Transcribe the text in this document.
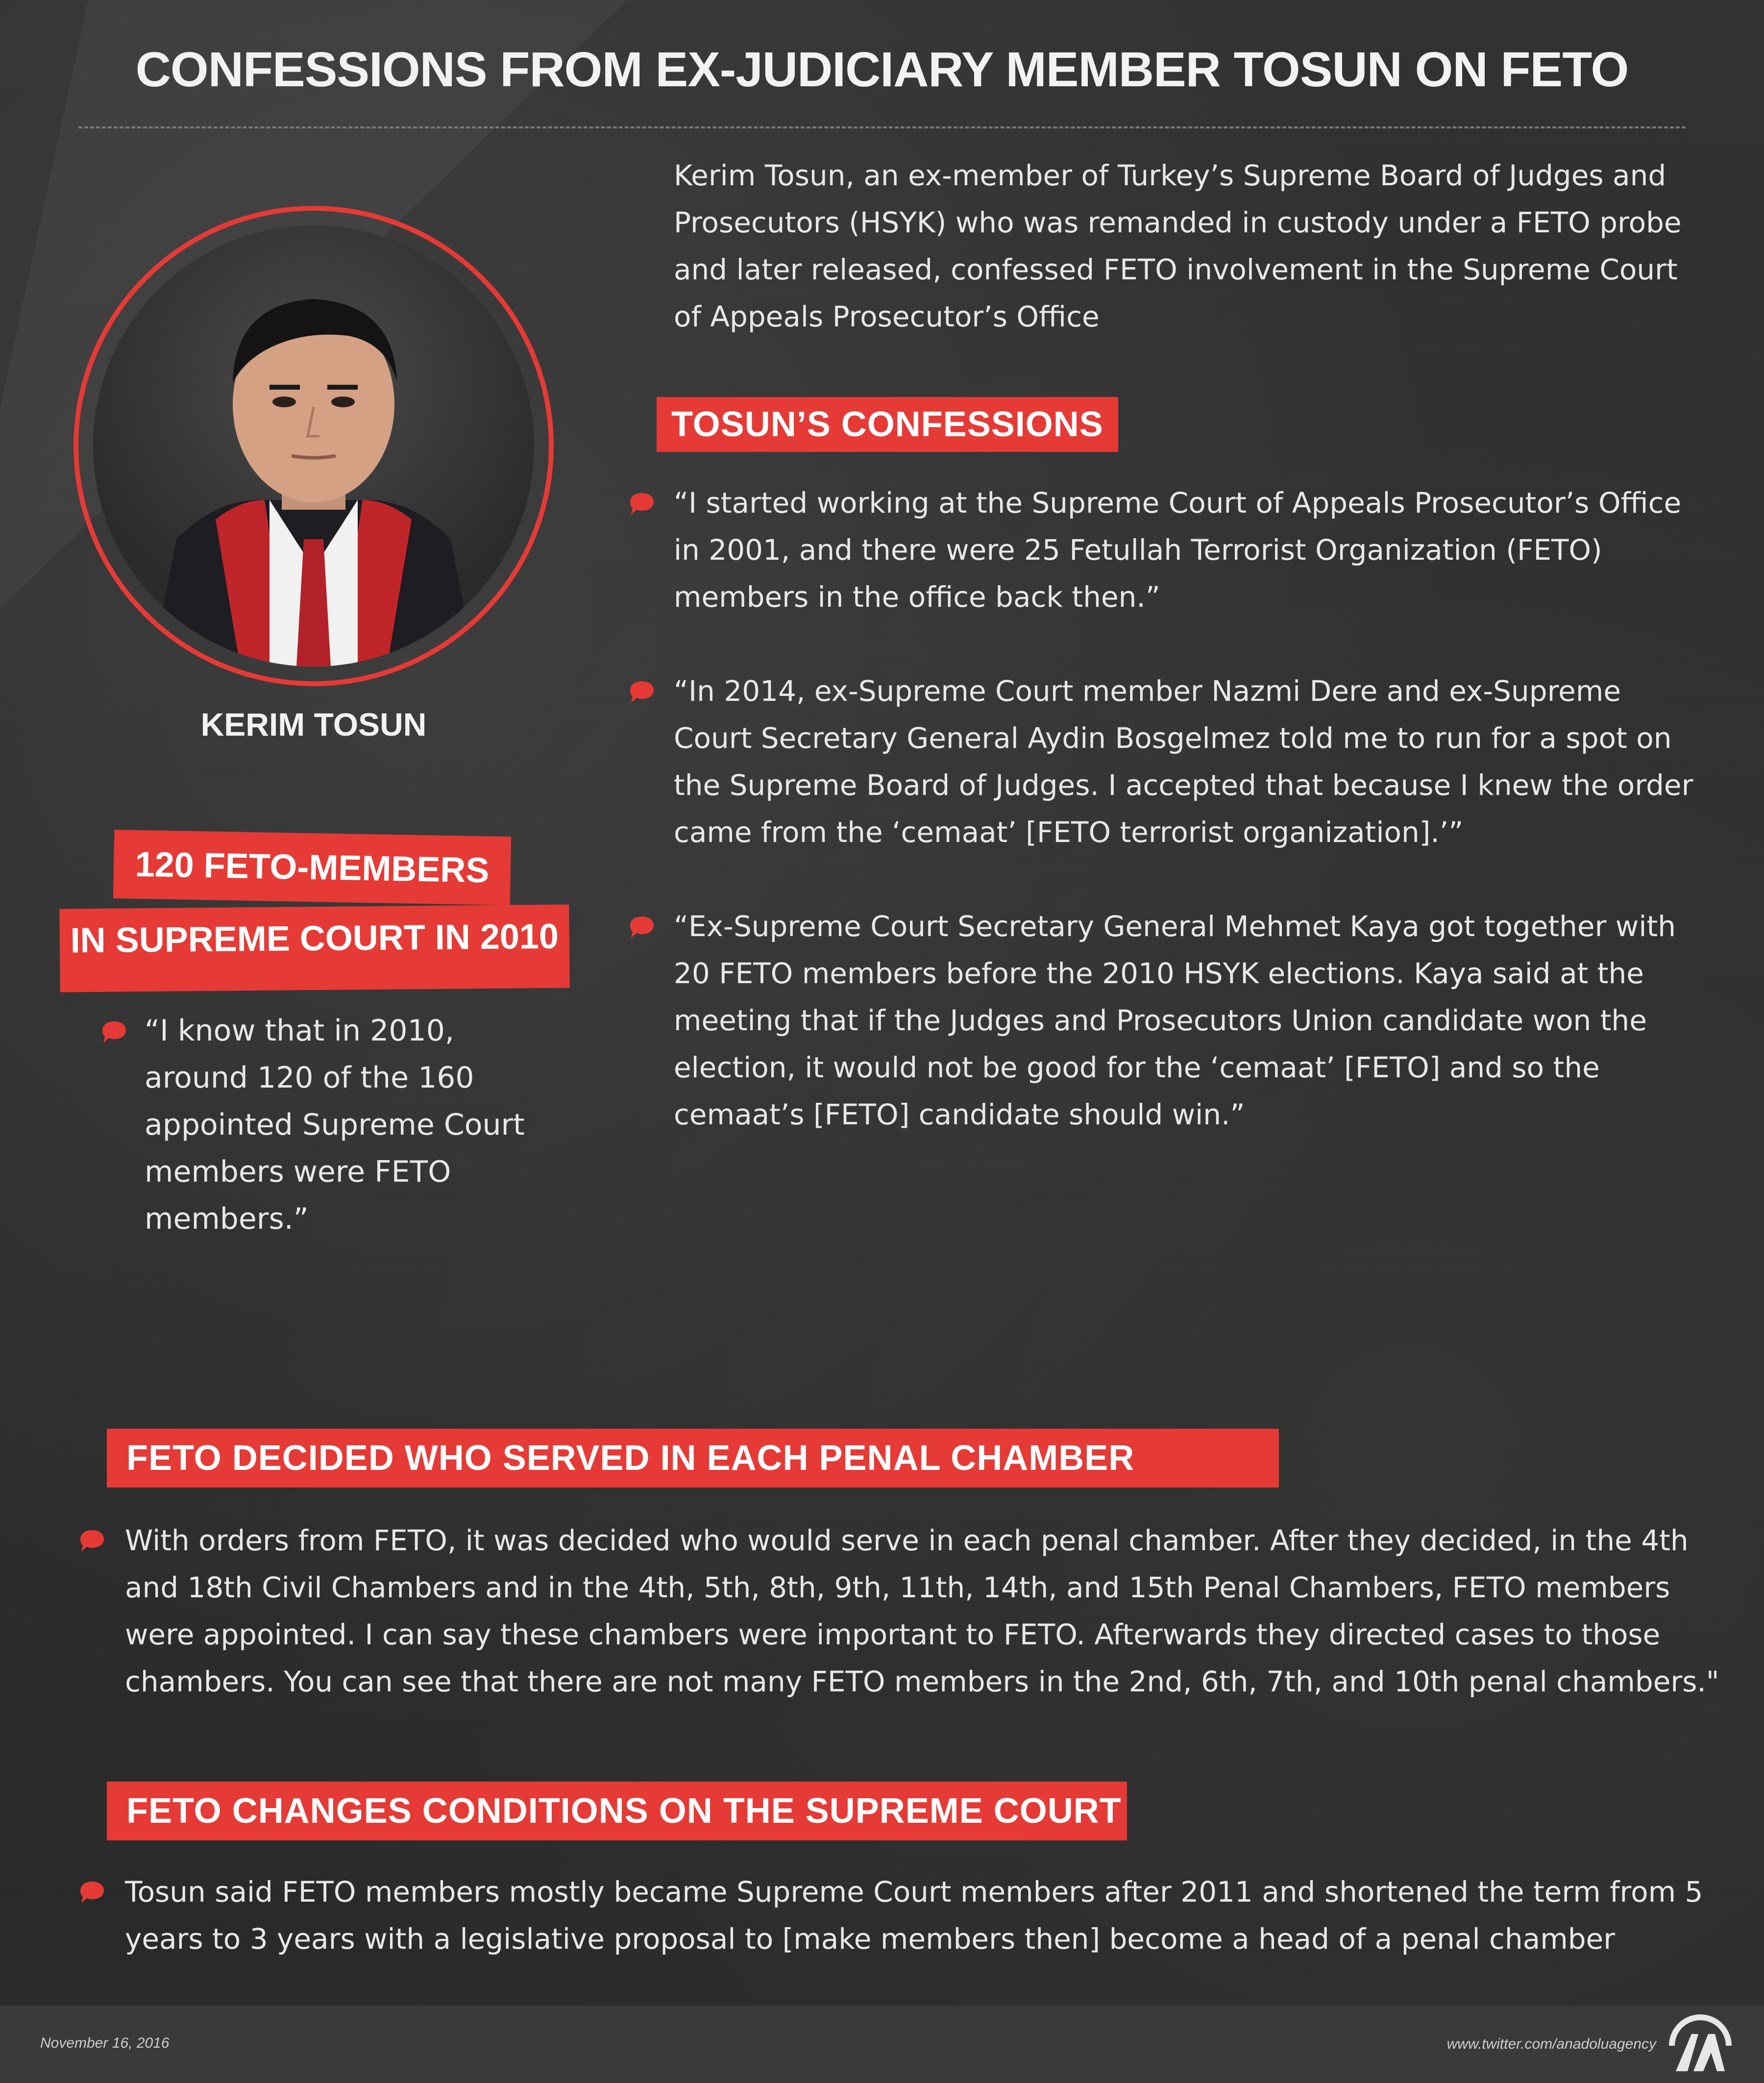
CONFESSIONS FROM EX-JUDICIARY MEMBER TOSUN ON FETO
Kerim Tosun, an ex-member of Turkey’s Supreme Board of Judges and Prosecutors (HSYK) who was remanded in custody under a FETO probe and later released, confessed FETO involvement in the Supreme Court of Appeals Prosecutor’s Office
KERIM TOSUN
TOSUN’S CONFESSIONS
“I started working at the Supreme Court of Appeals Prosecutor’s Office in 2001, and there were 25 Fetullah Terrorist Organization (FETO) members in the office back then.”
“In 2014, ex-Supreme Court member Nazmi Dere and ex-Supreme Court Secretary General Aydin Bosgelmez told me to run for a spot on the Supreme Board of Judges. I accepted that because I knew the order came from the ‘cemaat’ [FETO terrorist organization].’”
“Ex-Supreme Court Secretary General Mehmet Kaya got together with 20 FETO members before the 2010 HSYK elections. Kaya said at the meeting that if the Judges and Prosecutors Union candidate won the election, it would not be good for the ‘cemaat’ [FETO] and so the cemaat’s [FETO] candidate should win.”
120 FETO-MEMBERS
IN SUPREME COURT IN 2010
“I know that in 2010, around 120 of the 160 appointed Supreme Court members were FETO members.”
FETO DECIDED WHO SERVED IN EACH PENAL CHAMBER
With orders from FETO, it was decided who would serve in each penal chamber. After they decided, in the 4th and 18th Civil Chambers and in the 4th, 5th, 8th, 9th, 11th, 14th, and 15th Penal Chambers, FETO members were appointed. I can say these chambers were important to FETO. Afterwards they directed cases to those chambers. You can see that there are not many FETO members in the 2nd, 6th, 7th, and 10th penal chambers."
FETO CHANGES CONDITIONS ON THE SUPREME COURT
Tosun said FETO members mostly became Supreme Court members after 2011 and shortened the term from 5 years to 3 years with a legislative proposal to [make members then] become a head of a penal chamber
November 16, 2016	www.twitter.com/anadoluagency
